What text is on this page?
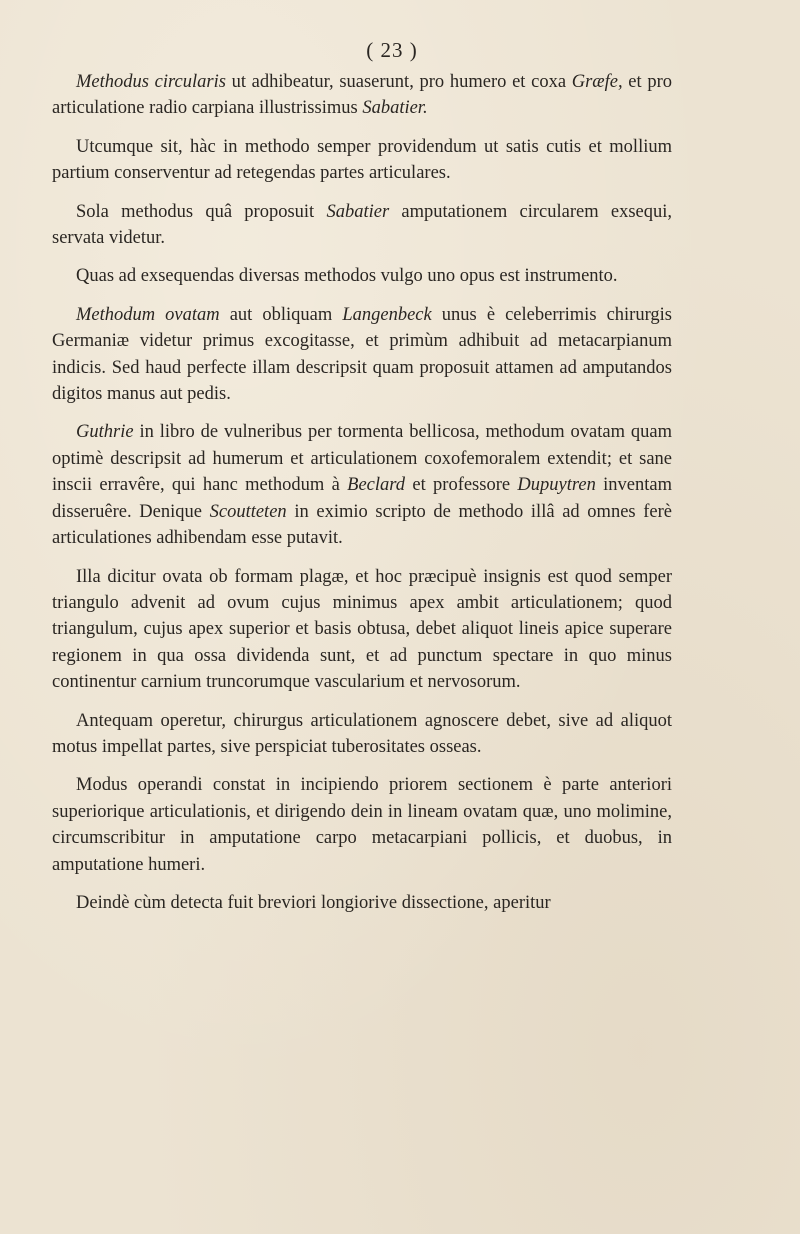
( 23 )

Methodus circularis ut adhibeatur, suaserunt, pro humero et coxa Græfe, et pro articulatione radio carpiana illustrissimus Sabatier.

Utcumque sit, hàc in methodo semper providendum ut satis cutis et mollium partium conserventur ad retegendas partes articulares.

Sola methodus quâ proposuit Sabatier amputationem circularem exsequi, servata videtur.

Quas ad exsequendas diversas methodos vulgo uno opus est instrumento.

Methodum ovatam aut obliquam Langenbeck unus è celeberrimis chirurgis Germaniæ videtur primus excogitasse, et primùm adhibuit ad metacarpianum indicis. Sed haud perfecte illam descripsit quam proposuit attamen ad amputandos digitos manus aut pedis.

Guthrie in libro de vulneribus per tormenta bellicosa, methodum ovatam quam optimè descripsit ad humerum et articulationem coxofemoralem extendit; et sane inscii erravêre, qui hanc methodum à Beclard et professore Dupuytren inventam disseruêre. Denique Scoutteten in eximio scripto de methodo illâ ad omnes ferè articulationes adhibendam esse putavit.

Illa dicitur ovata ob formam plagæ, et hoc præcipuè insignis est quod semper triangulo advenit ad ovum cujus minimus apex ambit articulationem; quod triangulum, cujus apex superior et basis obtusa, debet aliquot lineis apice superare regionem in qua ossa dividenda sunt, et ad punctum spectare in quo minus continentur carnium truncorumque vascularium et nervosorum.

Antequam operetur, chirurgus articulationem agnoscere debet, sive ad aliquot motus impellat partes, sive perspiciat tuberositates osseas.

Modus operandi constat in incipiendo priorem sectionem è parte anteriori superiorique articulationis, et dirigendo dein in lineam ovatam quæ, uno molimine, circumscribitur in amputatione carpo metacarpiani pollicis, et duobus, in amputatione humeri.

Deindè cùm detecta fuit breviori longiorive dissectione, aperitur
